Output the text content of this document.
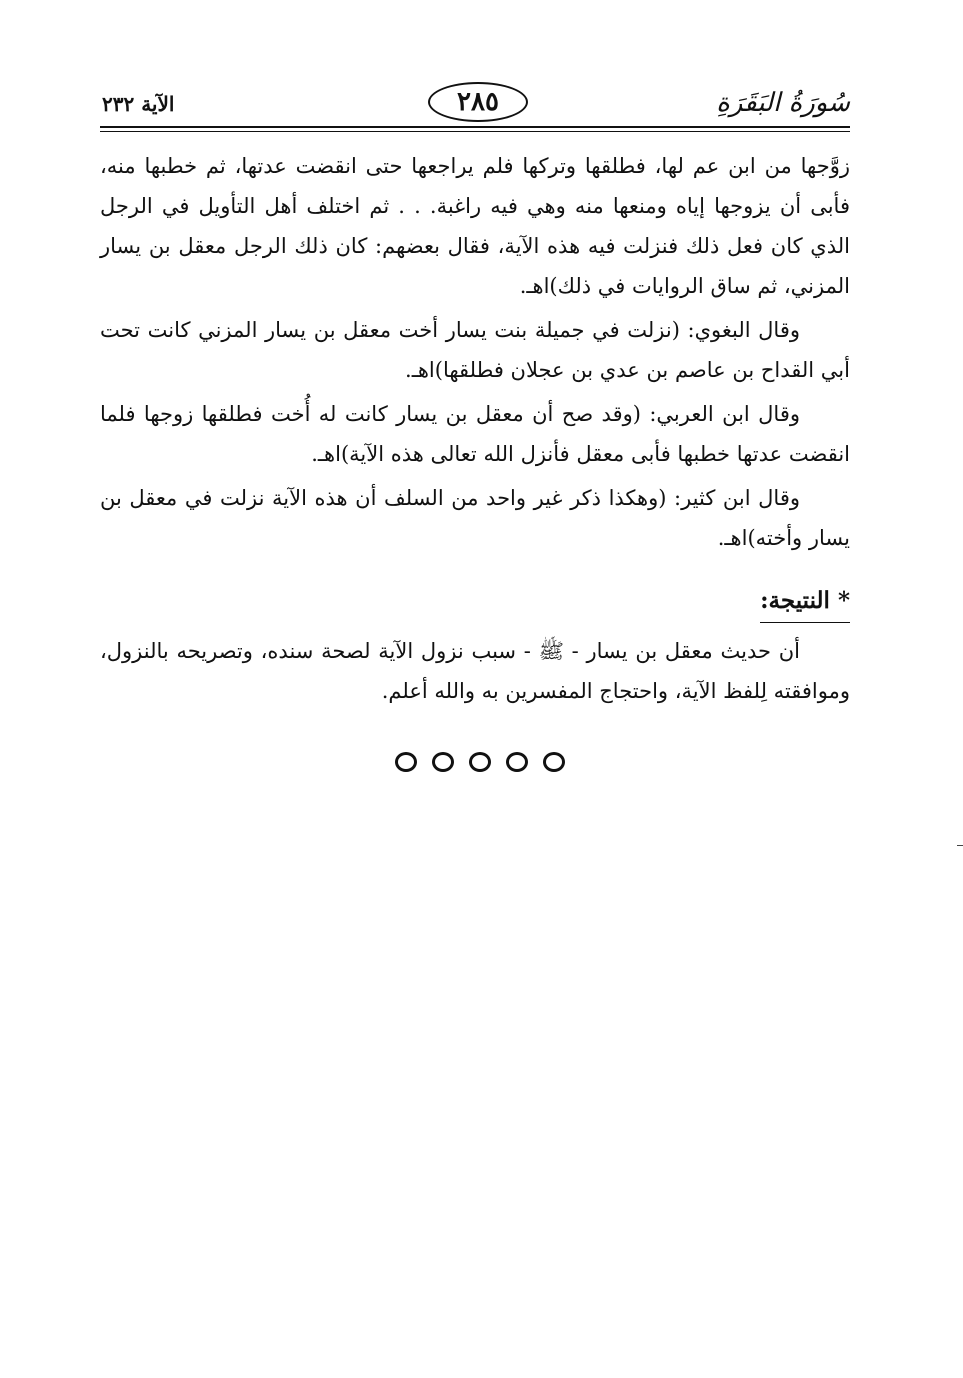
سُورَةُ البَقَرَةِ
٢٨٥
الآية ٢٣٢

زوَّجها من ابن عم لها، فطلقها وتركها فلم يراجعها حتى انقضت عدتها، ثم خطبها منه، فأبى أن يزوجها إياه ومنعها منه وهي فيه راغبة. . . ثم اختلف أهل التأويل في الرجل الذي كان فعل ذلك فنزلت فيه هذه الآية، فقال بعضهم: كان ذلك الرجل معقل بن يسار المزني، ثم ساق الروايات في ذلك)اهـ.

وقال البغوي: (نزلت في جميلة بنت يسار أخت معقل بن يسار المزني كانت تحت أبي القداح بن عاصم بن عدي بن عجلان فطلقها)اهـ.

وقال ابن العربي: (وقد صح أن معقل بن يسار كانت له أُخت فطلقها زوجها فلما انقضت عدتها خطبها فأبى معقل فأنزل الله تعالى هذه الآية)اهـ.

وقال ابن كثير: (وهكذا ذكر غير واحد من السلف أن هذه الآية نزلت في معقل بن يسار وأخته)اهـ.

* النتيجة:

أن حديث معقل بن يسار - ﷺ - سبب نزول الآية لصحة سنده، وتصريحه بالنزول، وموافقته لِلفظ الآية، واحتجاج المفسرين به والله أعلم.
